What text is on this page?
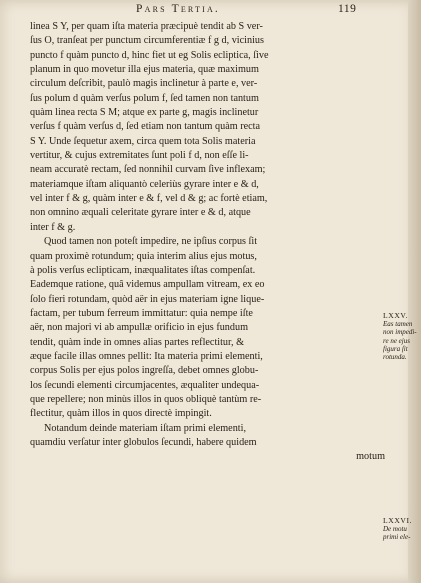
Pars Tertia.	119
linea S Y, per quam iſta materia præcipuè tendit ab S ver-
ſus O, tranſeat per punctum circumferentiæ f g d, vicinius
puncto f quàm puncto d, hinc fiet ut eg Solis ecliptica, ſive
planum in quo movetur illa ejus materia, quæ maximum
circulum deſcribit, paulò magis inclinetur à parte e, ver-
ſus polum d quàm verſus polum f, ſed tamen non tantum
quàm linea recta S M; atque ex parte g, magis inclinetur
verſus f quàm verſus d, ſed etiam non tantum quàm recta
S Y. Unde ſequetur axem, circa quem tota Solis materia
vertitur, & cujus extremitates ſunt poli f d, non eſſe li-
neam accuratè rectam, ſed nonnihil curvam ſive inflexam;
materiamque iſtam aliquantò celeriùs gyrare inter e & d,
vel inter f & g, quàm inter e & f, vel d & g; ac fortè etiam,
non omnino æquali celeritate gyrare inter e & d, atque
inter f & g.
Quod tamen non poteſt impedire, ne ipſius corpus ſit
quam proximè rotundum; quia interim alius ejus motus,
à polis verſus eclipticam, inæqualitates iſtas compenſat.
Eademque ratione, quâ videmus ampullam vitream, ex eo
ſolo fieri rotundam, quòd aër in ejus materiam igne lique-
factam, per tubum ferreum immittatur: quia nempe iſte
aër, non majori vi ab ampullæ orificio in ejus fundum
tendit, quàm inde in omnes alias partes reflectitur, &
æque facile illas omnes pellit: Ita materia primi elementi,
corpus Solis per ejus polos ingreſſa, debet omnes globu-
los ſecundi elementi circumjacentes, æqualiter undequa-
que repellere; non minùs illos in quos obliquè tantùm re-
flectitur, quàm illos in quos directè impingit.
Notandum deinde materiam iſtam primi elementi,
quamdiu verſatur inter globulos ſecundi, habere quidem
motum
LXXV.
Eas tamen
non impedi-
re ne ejus
figura ſit
rotunda.
LXXVI.
De motu
primi ele-
